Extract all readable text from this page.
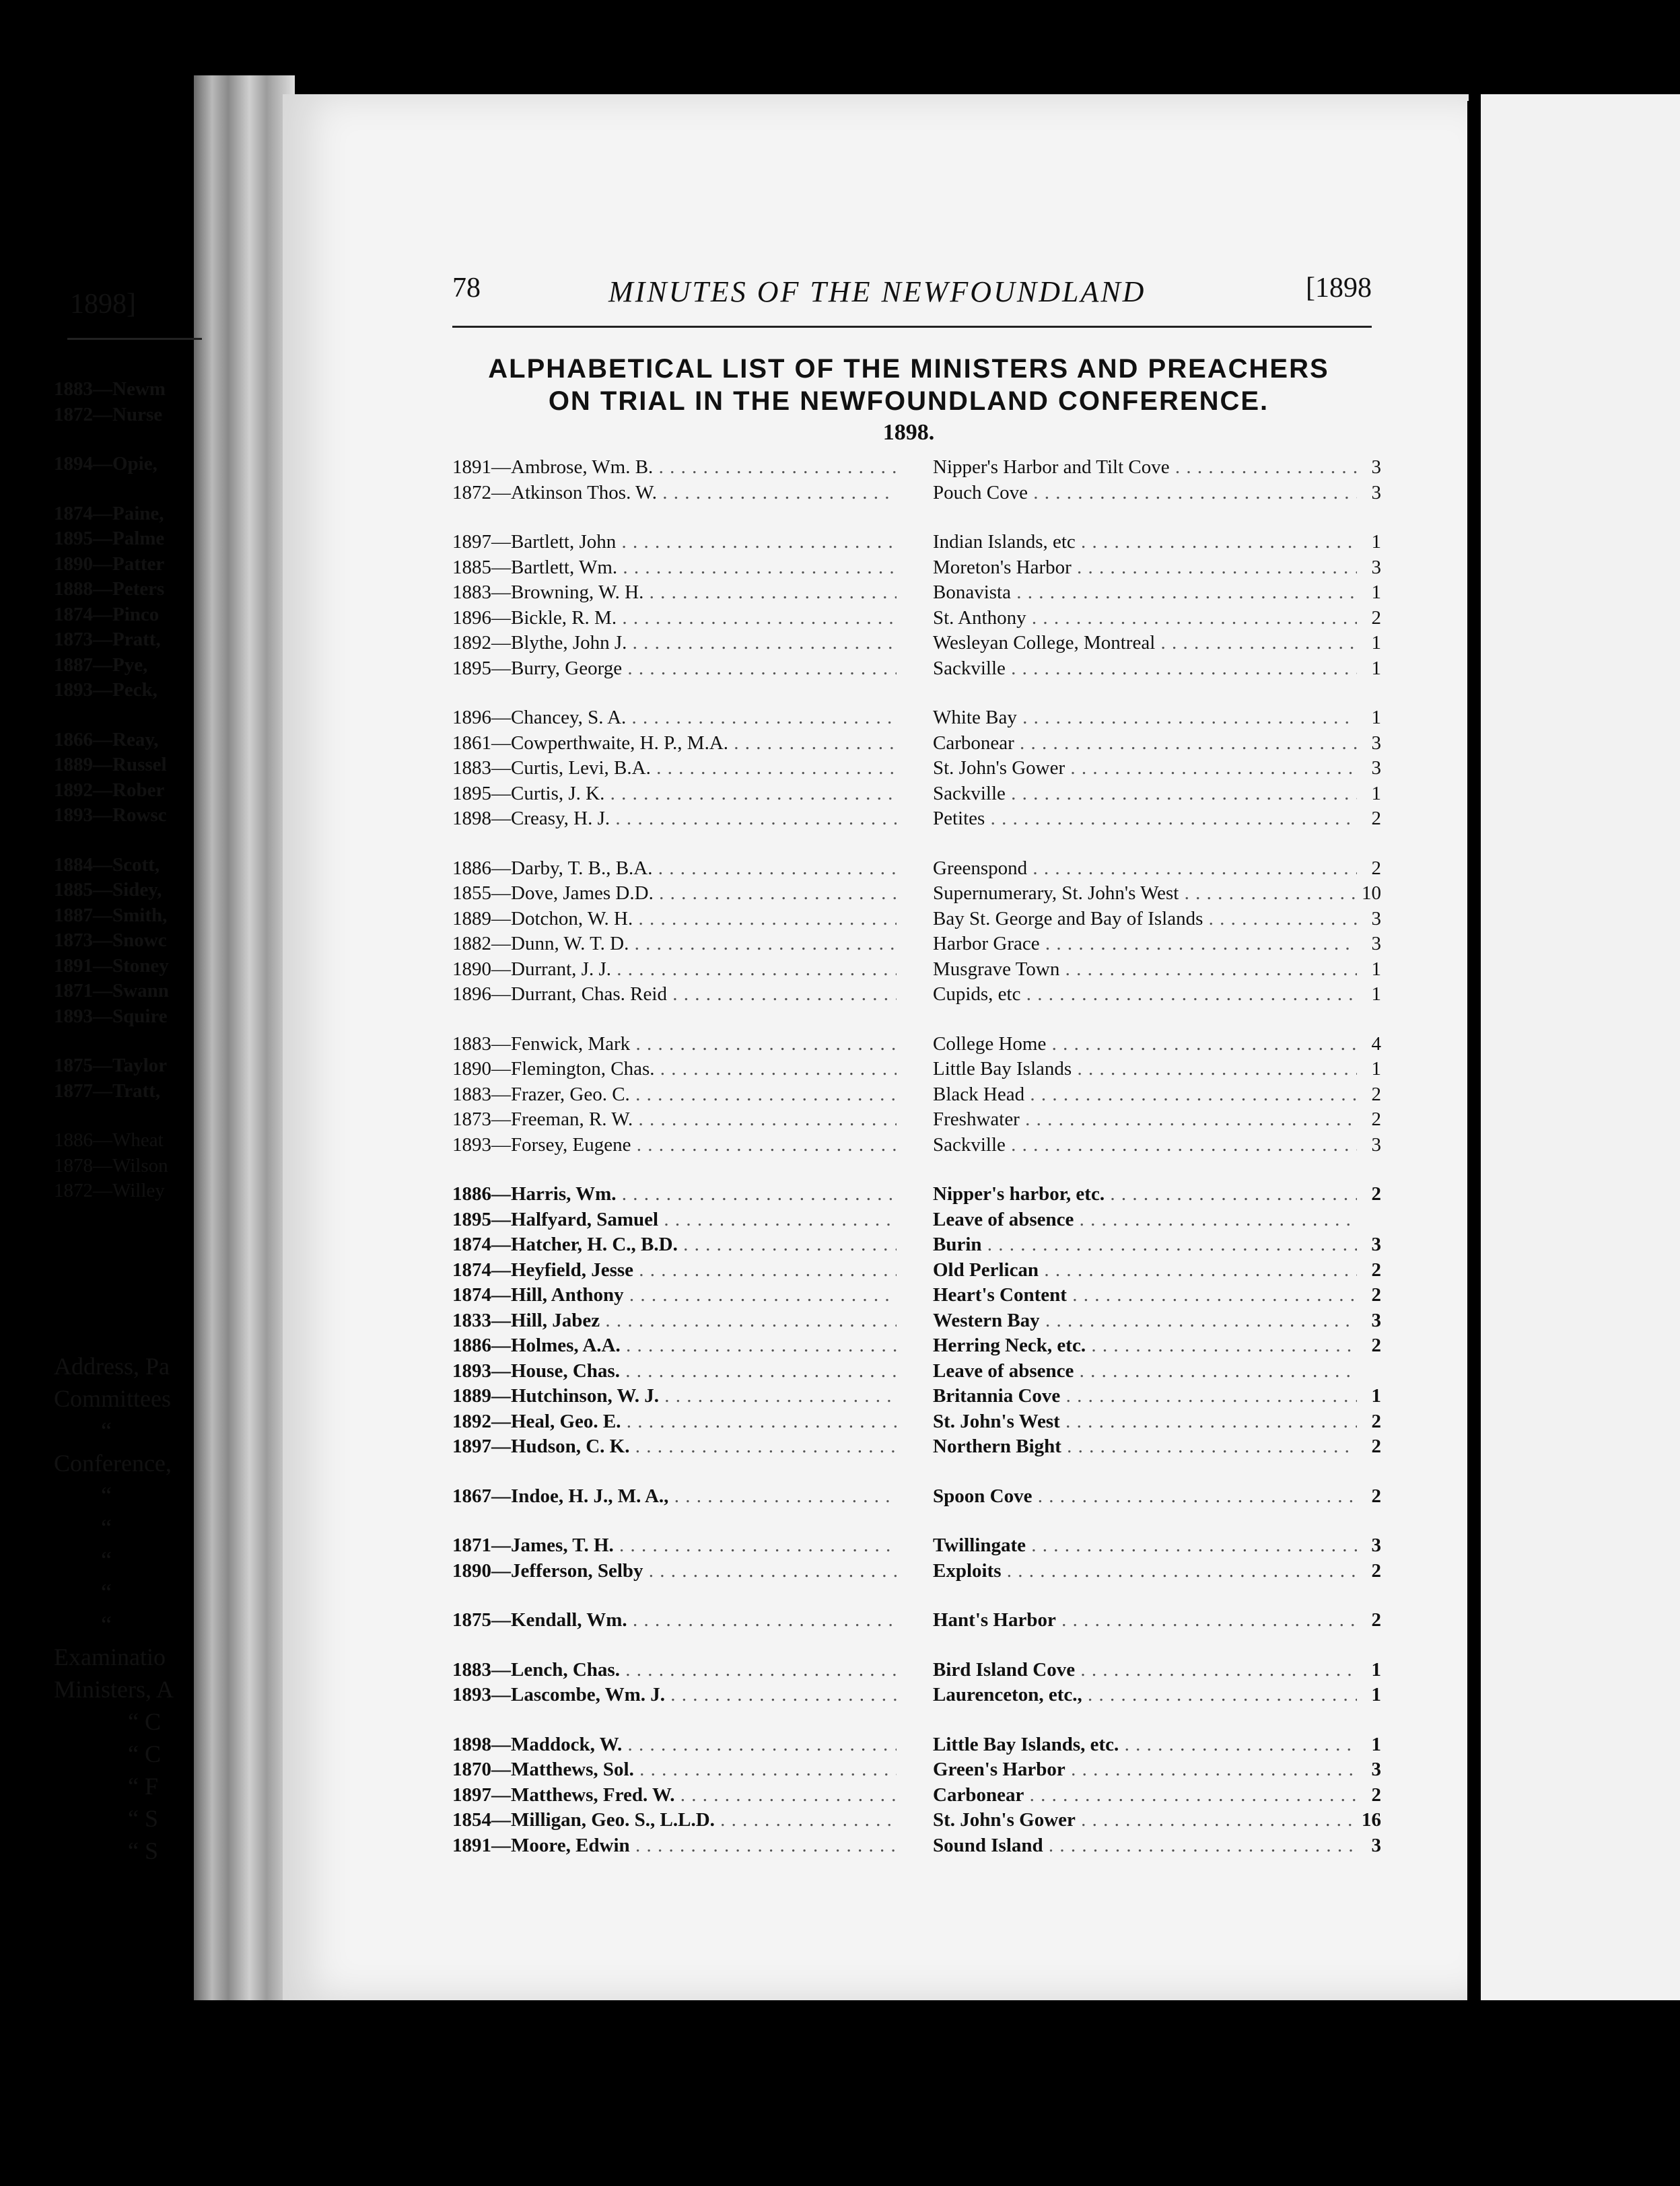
78	MINUTES OF THE NEWFOUNDLAND	[1898
ALPHABETICAL LIST OF THE MINISTERS AND PREACHERS
ON TRIAL IN THE NEWFOUNDLAND CONFERENCE.
1898.
1891—Ambrose, Wm. B. . . .	Nipper's Harbor and Tilt Cove . . .	3
1872—Atkinson Thos. W. . . .	Pouch Cove . . .	3
1897—Bartlett, John . . .	Indian Islands, etc . . .	1
1885—Bartlett, Wm. . . .	Moreton's Harbor . . .	3
1883—Browning, W. H. . . .	Bonavista . . .	1
1896—Bickle, R. M. . . .	St. Anthony . . .	2
1892—Blythe, John J. . . .	Wesleyan College, Montreal . . .	1
1895—Burry, George . . .	Sackville . . .	1
1896—Chancey, S. A. . . .	White Bay . . .	1
1861—Cowperthwaite, H. P., M.A. . . .	Carbonear . . .	3
1883—Curtis, Levi, B.A. . . .	St. John's Gower . . .	3
1895—Curtis, J. K. . . .	Sackville . . .	1
1898—Creasy, H. J. . . .	Petites . . .	2
1886—Darby, T. B., B.A. . . .	Greenspond . . .	2
1855—Dove, James D.D. . . .	Supernumerary, St. John's West . . .	10
1889—Dotchon, W. H. . . .	Bay St. George and Bay of Islands . . .	3
1882—Dunn, W. T. D. . . .	Harbor Grace . . .	3
1890—Durrant, J. J. . . .	Musgrave Town . . .	1
1896—Durrant, Chas. Reid . . .	Cupids, etc . . .	1
1883—Fenwick, Mark . . .	College Home . . .	4
1890—Flemington, Chas. . . .	Little Bay Islands . . .	1
1883—Frazer, Geo. C. . . .	Black Head . . .	2
1873—Freeman, R. W. . . .	Freshwater . . .	2
1893—Forsey, Eugene . . .	Sackville . . .	3
1886—Harris, Wm. . . .	Nipper's harbor, etc. . . .	2
1895—Halfyard, Samuel . . .	Leave of absence . . .
1874—Hatcher, H. C., B.D. . . .	Burin . . .	3
1874—Heyfield, Jesse . . .	Old Perlican . . .	2
1874—Hill, Anthony . . .	Heart's Content . . .	2
1833—Hill, Jabez . . .	Western Bay . . .	3
1886—Holmes, A.A. . . .	Herring Neck, etc. . . .	2
1893—House, Chas. . . .	Leave of absence . . .
1889—Hutchinson, W. J. . . .	Britannia Cove . . .	1
1892—Heal, Geo. E. . . .	St. John's West . . .	2
1897—Hudson, C. K. . . .	Northern Bight . . .	2
1867—Indoe, H. J., M. A., . . .	Spoon Cove . . .	2
1871—James, T. H. . . .	Twillingate . . .	3
1890—Jefferson, Selby . . .	Exploits . . .	2
1875—Kendall, Wm. . . .	Hant's Harbor . . .	2
1883—Lench, Chas. . . .	Bird Island Cove . . .	1
1893—Lascombe, Wm. J. . . .	Laurenceton, etc., . . .	1
1898—Maddock, W. . . .	Little Bay Islands, etc. . . .	1
1870—Matthews, Sol. . . .	Green's Harbor . . .	3
1897—Matthews, Fred. W. . . .	Carbonear . . .	2
1854—Milligan, Geo. S., L.L.D. . . .	St. John's Gower . . .	16
1891—Moore, Edwin . . .	Sound Island . . .	3
1898]
1883—Newm
1872—Nurse
1894—Opie,
1874—Paine,
1895—Palme
1890—Patter
1888—Peters
1874—Pinco
1873—Pratt,
1887—Pye,
1893—Peck,
1866—Reay,
1889—Russel
1892—Rober
1893—Rowsc
1884—Scott,
1885—Sidey,
1887—Smith,
1873—Snowc
1891—Stoney
1871—Swann
1893—Squire
1875—Taylor
1877—Tratt,
1886—Wheat
1878—Wilson
1872—Willey
Address, Pa
Committees
“
Conference,
“
“
“
“
“
Examinatio
Ministers, A
“ C
“ C
“ F
“ S
“ S
